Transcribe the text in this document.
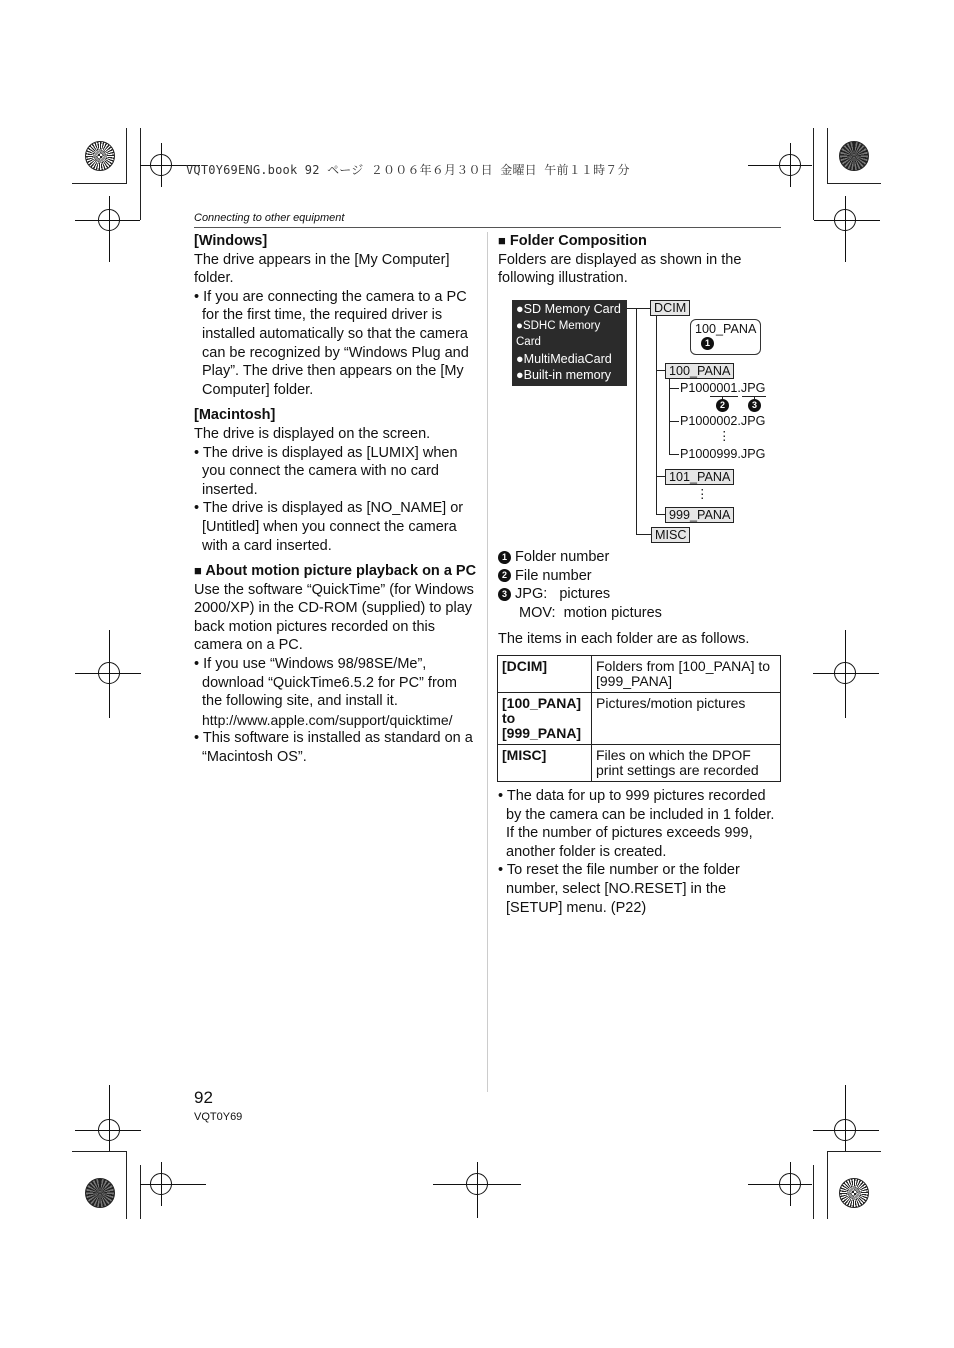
VQT0Y69ENG.book 92 ページ ２００６年６月３０日 金曜日 午前１１時７分
Connecting to other equipment

[Windows]

The drive appears in the [My Computer] folder.

• If you are connecting the camera to a PC for the first time, the required driver is installed automatically so that the camera can be recognized by “Windows Plug and Play”. The drive then appears on the [My Computer] folder.

[Macintosh]

The drive is displayed on the screen.

• The drive is displayed as [LUMIX] when you connect the camera with no card inserted.

• The drive is displayed as [NO_NAME] or [Untitled] when you connect the camera with a card inserted.

■ About motion picture playback on a PC

Use the software “QuickTime” (for Windows 2000/XP) in the CD-ROM (supplied) to play back motion pictures recorded on this camera on a PC.

• If you use “Windows 98/98SE/Me”, download “QuickTime6.5.2 for PC” from the following site, and install it.

http://www.apple.com/support/quicktime/

• This software is installed as standard on a “Macintosh OS”.

■ Folder Composition

Folders are displayed as shown in the following illustration.

●SD Memory Card
●SDHC Memory Card
●MultiMediaCard
●Built-in memory
(DMC-FX3)
DCIM
100_PANA
1
100_PANA
P1000001.JPG
2	3
P1000002.JPG
⋮
P1000999.JPG
101_PANA
⋮
999_PANA
MISC

1 Folder number

2 File number

3 JPG: pictures

MOV: motion pictures

The items in each folder are as follows.

[DCIM]	Folders from [100_PANA] to [999_PANA]
[100_PANA] to [999_PANA]	Pictures/motion pictures
[MISC]	Files on which the DPOF print settings are recorded

• The data for up to 999 pictures recorded by the camera can be included in 1 folder. If the number of pictures exceeds 999, another folder is created.

• To reset the file number or the folder number, select [NO.RESET] in the [SETUP] menu. (P22)

92
VQT0Y69
